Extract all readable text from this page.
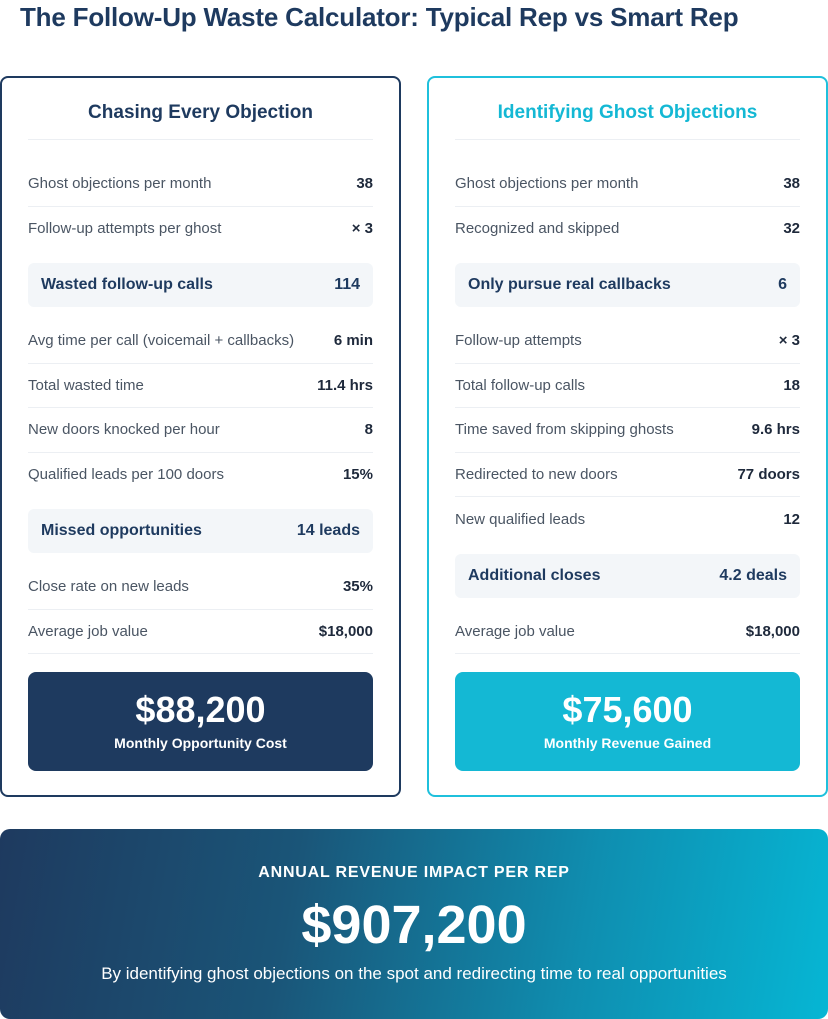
The Follow-Up Waste Calculator: Typical Rep vs Smart Rep
Chasing Every Objection
Ghost objections per month	38
Follow-up attempts per ghost	× 3
Wasted follow-up calls	114
Avg time per call (voicemail + callbacks)	6 min
Total wasted time	11.4 hrs
New doors knocked per hour	8
Qualified leads per 100 doors	15%
Missed opportunities	14 leads
Close rate on new leads	35%
Average job value	$18,000
$88,200
Monthly Opportunity Cost
Identifying Ghost Objections
Ghost objections per month	38
Recognized and skipped	32
Only pursue real callbacks	6
Follow-up attempts	× 3
Total follow-up calls	18
Time saved from skipping ghosts	9.6 hrs
Redirected to new doors	77 doors
New qualified leads	12
Additional closes	4.2 deals
Average job value	$18,000
$75,600
Monthly Revenue Gained
ANNUAL REVENUE IMPACT PER REP
$907,200
By identifying ghost objections on the spot and redirecting time to real opportunities
